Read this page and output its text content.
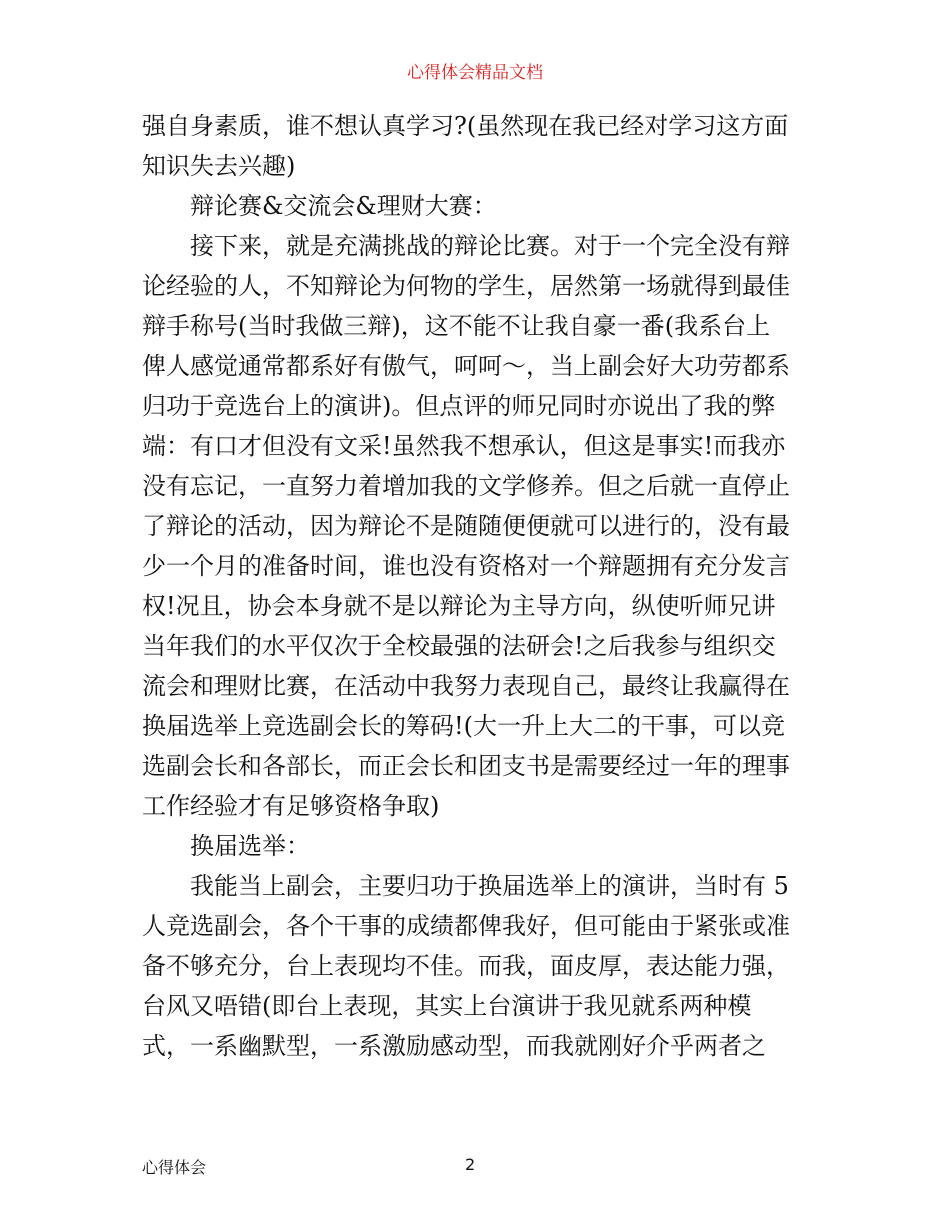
心得体会精品文档
强自身素质，谁不想认真学习?(虽然现在我已经对学习这方面
知识失去兴趣)
辩论赛&交流会&理财大赛：
接下来，就是充满挑战的辩论比赛。对于一个完全没有辩
论经验的人，不知辩论为何物的学生，居然第一场就得到最佳
辩手称号(当时我做三辩)，这不能不让我自豪一番(我系台上
俾人感觉通常都系好有傲气，呵呵～，当上副会好大功劳都系
归功于竞选台上的演讲)。但点评的师兄同时亦说出了我的弊
端：有口才但没有文采!虽然我不想承认，但这是事实!而我亦
没有忘记，一直努力着增加我的文学修养。但之后就一直停止
了辩论的活动，因为辩论不是随随便便就可以进行的，没有最
少一个月的准备时间，谁也没有资格对一个辩题拥有充分发言
权!况且，协会本身就不是以辩论为主导方向，纵使听师兄讲
当年我们的水平仅次于全校最强的法研会!之后我参与组织交
流会和理财比赛，在活动中我努力表现自己，最终让我赢得在
换届选举上竞选副会长的筹码!(大一升上大二的干事，可以竞
选副会长和各部长，而正会长和团支书是需要经过一年的理事
工作经验才有足够资格争取)
换届选举：
我能当上副会，主要归功于换届选举上的演讲，当时有 5
人竞选副会，各个干事的成绩都俾我好，但可能由于紧张或准
备不够充分，台上表现均不佳。而我，面皮厚，表达能力强，
台风又唔错(即台上表现，其实上台演讲于我见就系两种模
式，一系幽默型，一系激励感动型，而我就刚好介乎两者之
心得体会	2
